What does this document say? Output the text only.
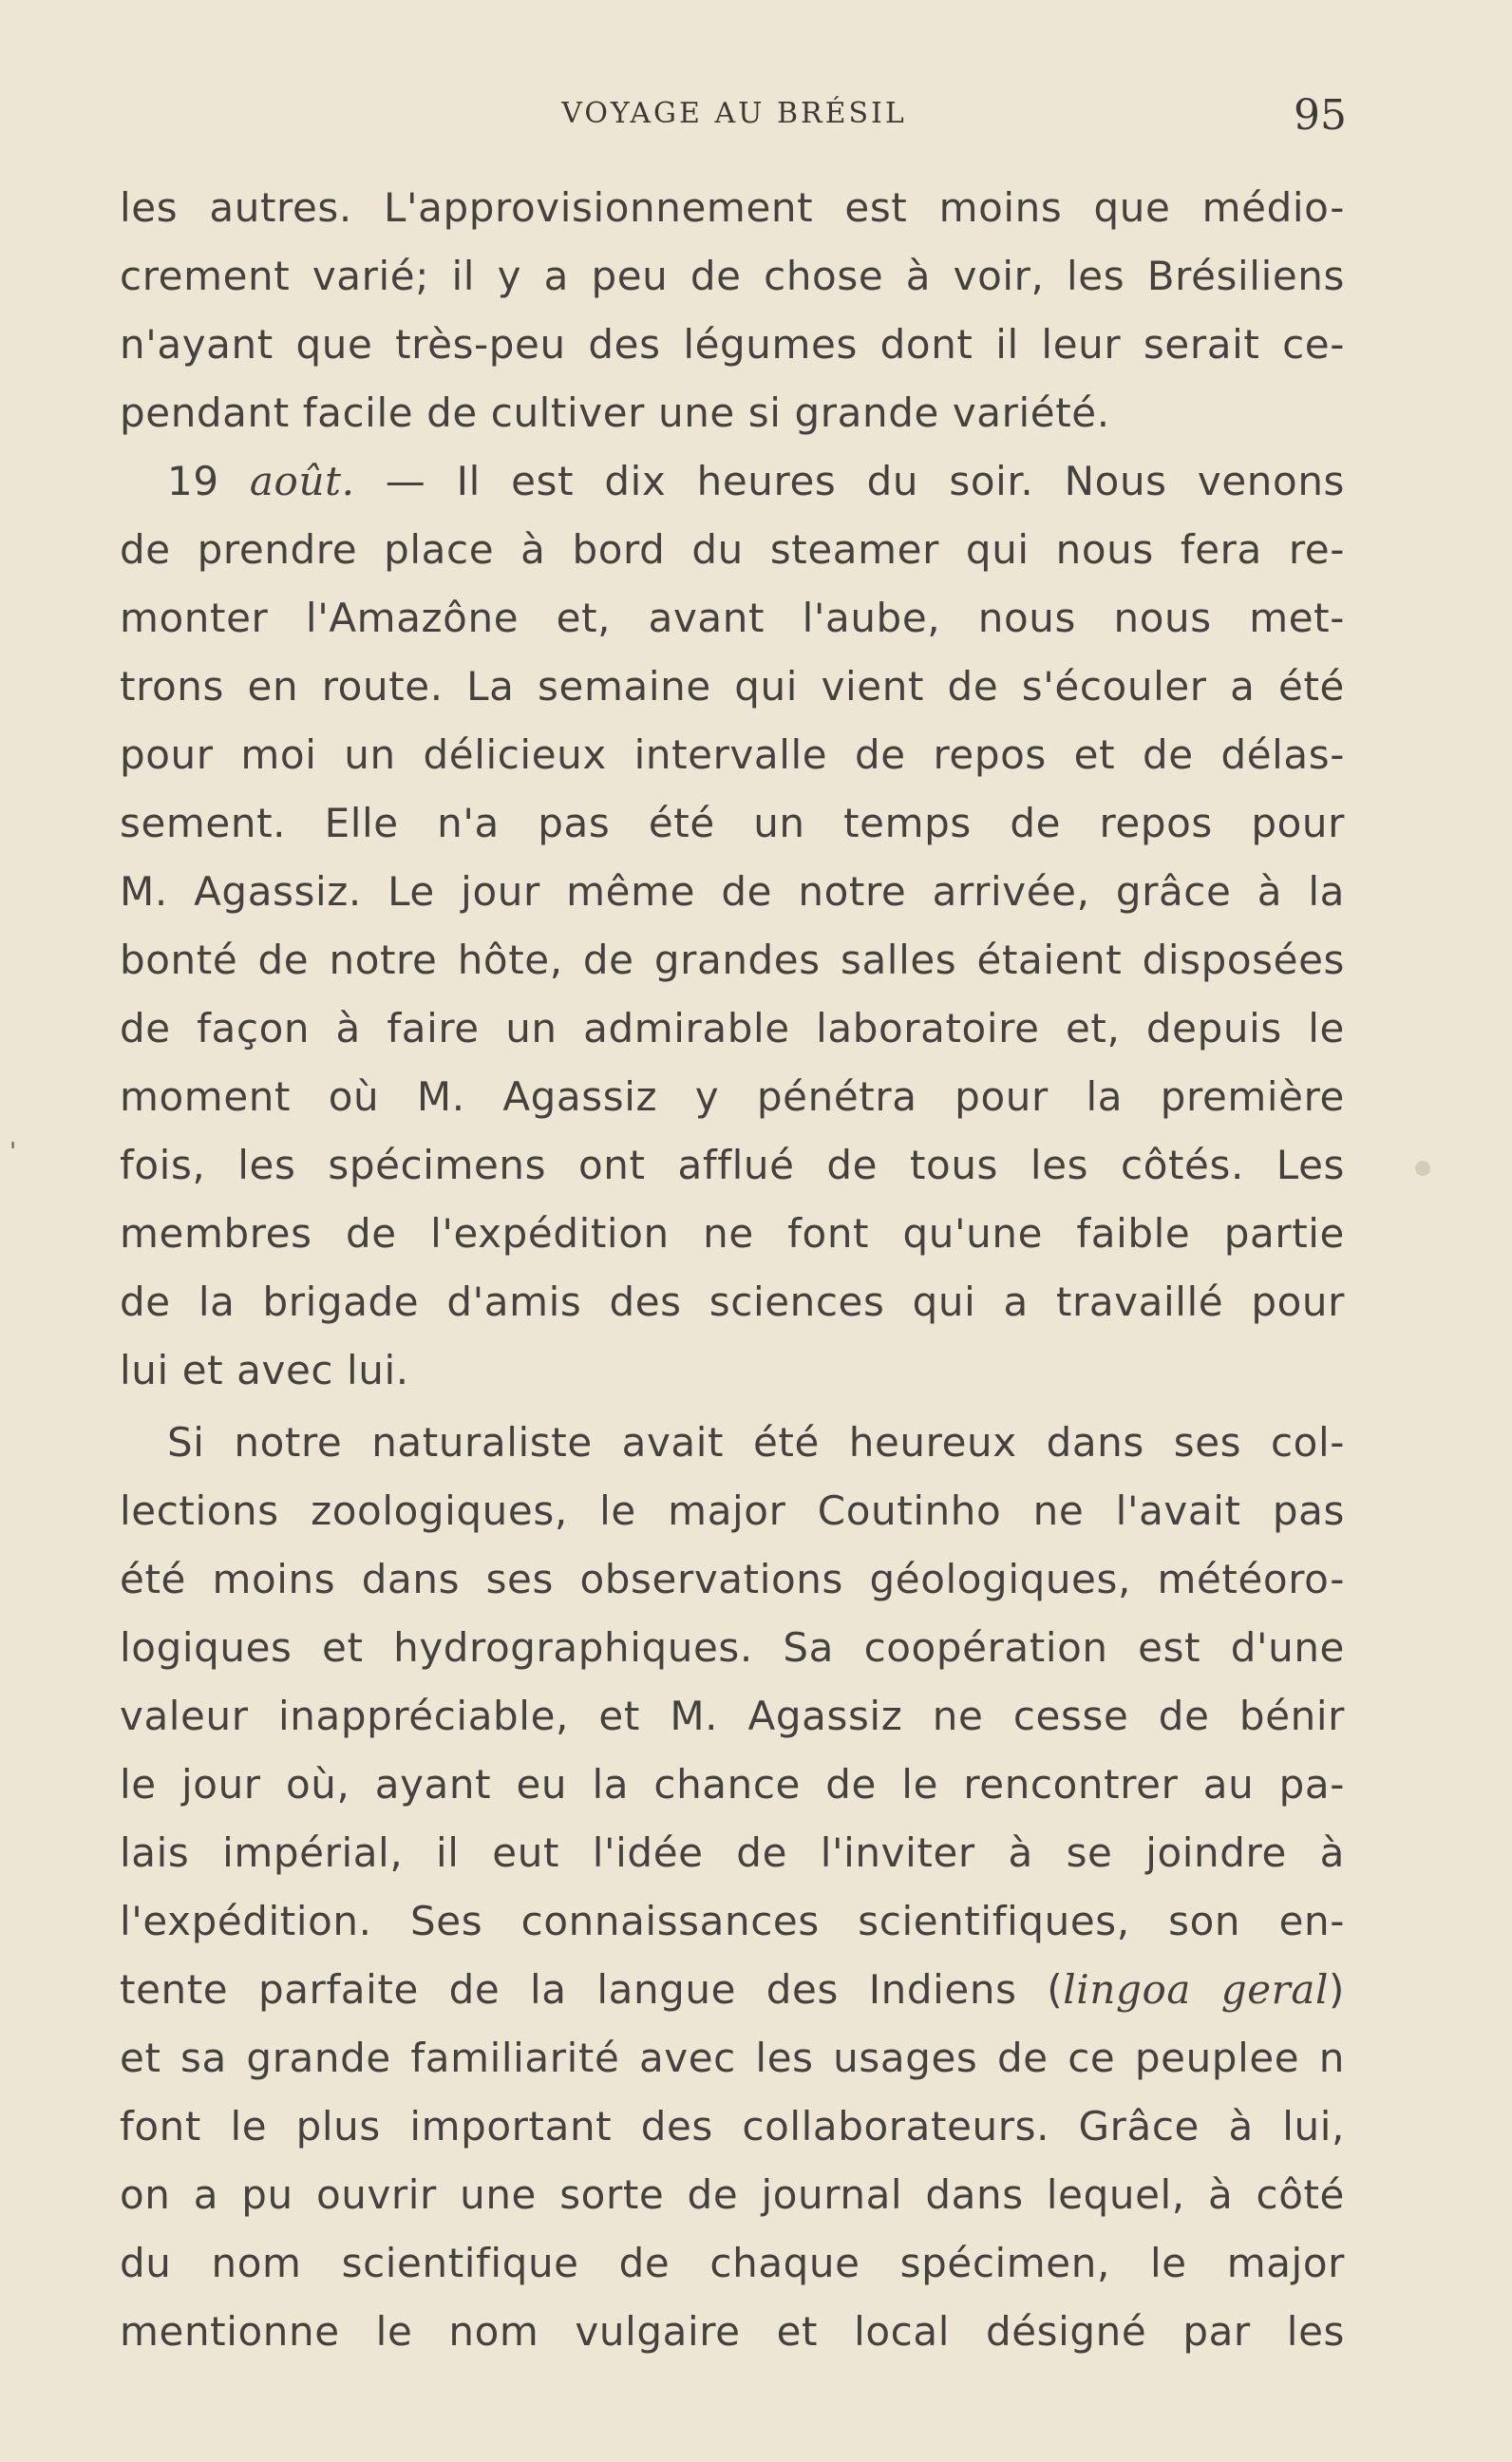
VOYAGE AU BRÉSIL	95
'
les autres. L'approvisionnement est moins que médio-
crement varié; il y a peu de chose à voir, les Brésiliens
n'ayant que très-peu des légumes dont il leur serait ce-
pendant facile de cultiver une si grande variété.
19 août. — Il est dix heures du soir. Nous venons
de prendre place à bord du steamer qui nous fera re-
monter l'Amazône et, avant l'aube, nous nous met-
trons en route. La semaine qui vient de s'écouler a été
pour moi un délicieux intervalle de repos et de délas-
sement. Elle n'a pas été un temps de repos pour
M. Agassiz. Le jour même de notre arrivée, grâce à la
bonté de notre hôte, de grandes salles étaient disposées
de façon à faire un admirable laboratoire et, depuis le
moment où M. Agassiz y pénétra pour la première
fois, les spécimens ont afflué de tous les côtés. Les
membres de l'expédition ne font qu'une faible partie
de la brigade d'amis des sciences qui a travaillé pour
lui et avec lui.
Si notre naturaliste avait été heureux dans ses col-
lections zoologiques, le major Coutinho ne l'avait pas
été moins dans ses observations géologiques, météoro-
logiques et hydrographiques. Sa coopération est d'une
valeur inappréciable, et M. Agassiz ne cesse de bénir
le jour où, ayant eu la chance de le rencontrer au pa-
lais impérial, il eut l'idée de l'inviter à se joindre à
l'expédition. Ses connaissances scientifiques, son en-
tente parfaite de la langue des Indiens (lingoa geral)
et sa grande familiarité avec les usages de ce peuplee n
font le plus important des collaborateurs. Grâce à lui,
on a pu ouvrir une sorte de journal dans lequel, à côté
du nom scientifique de chaque spécimen, le major
mentionne le nom vulgaire et local désigné par les
